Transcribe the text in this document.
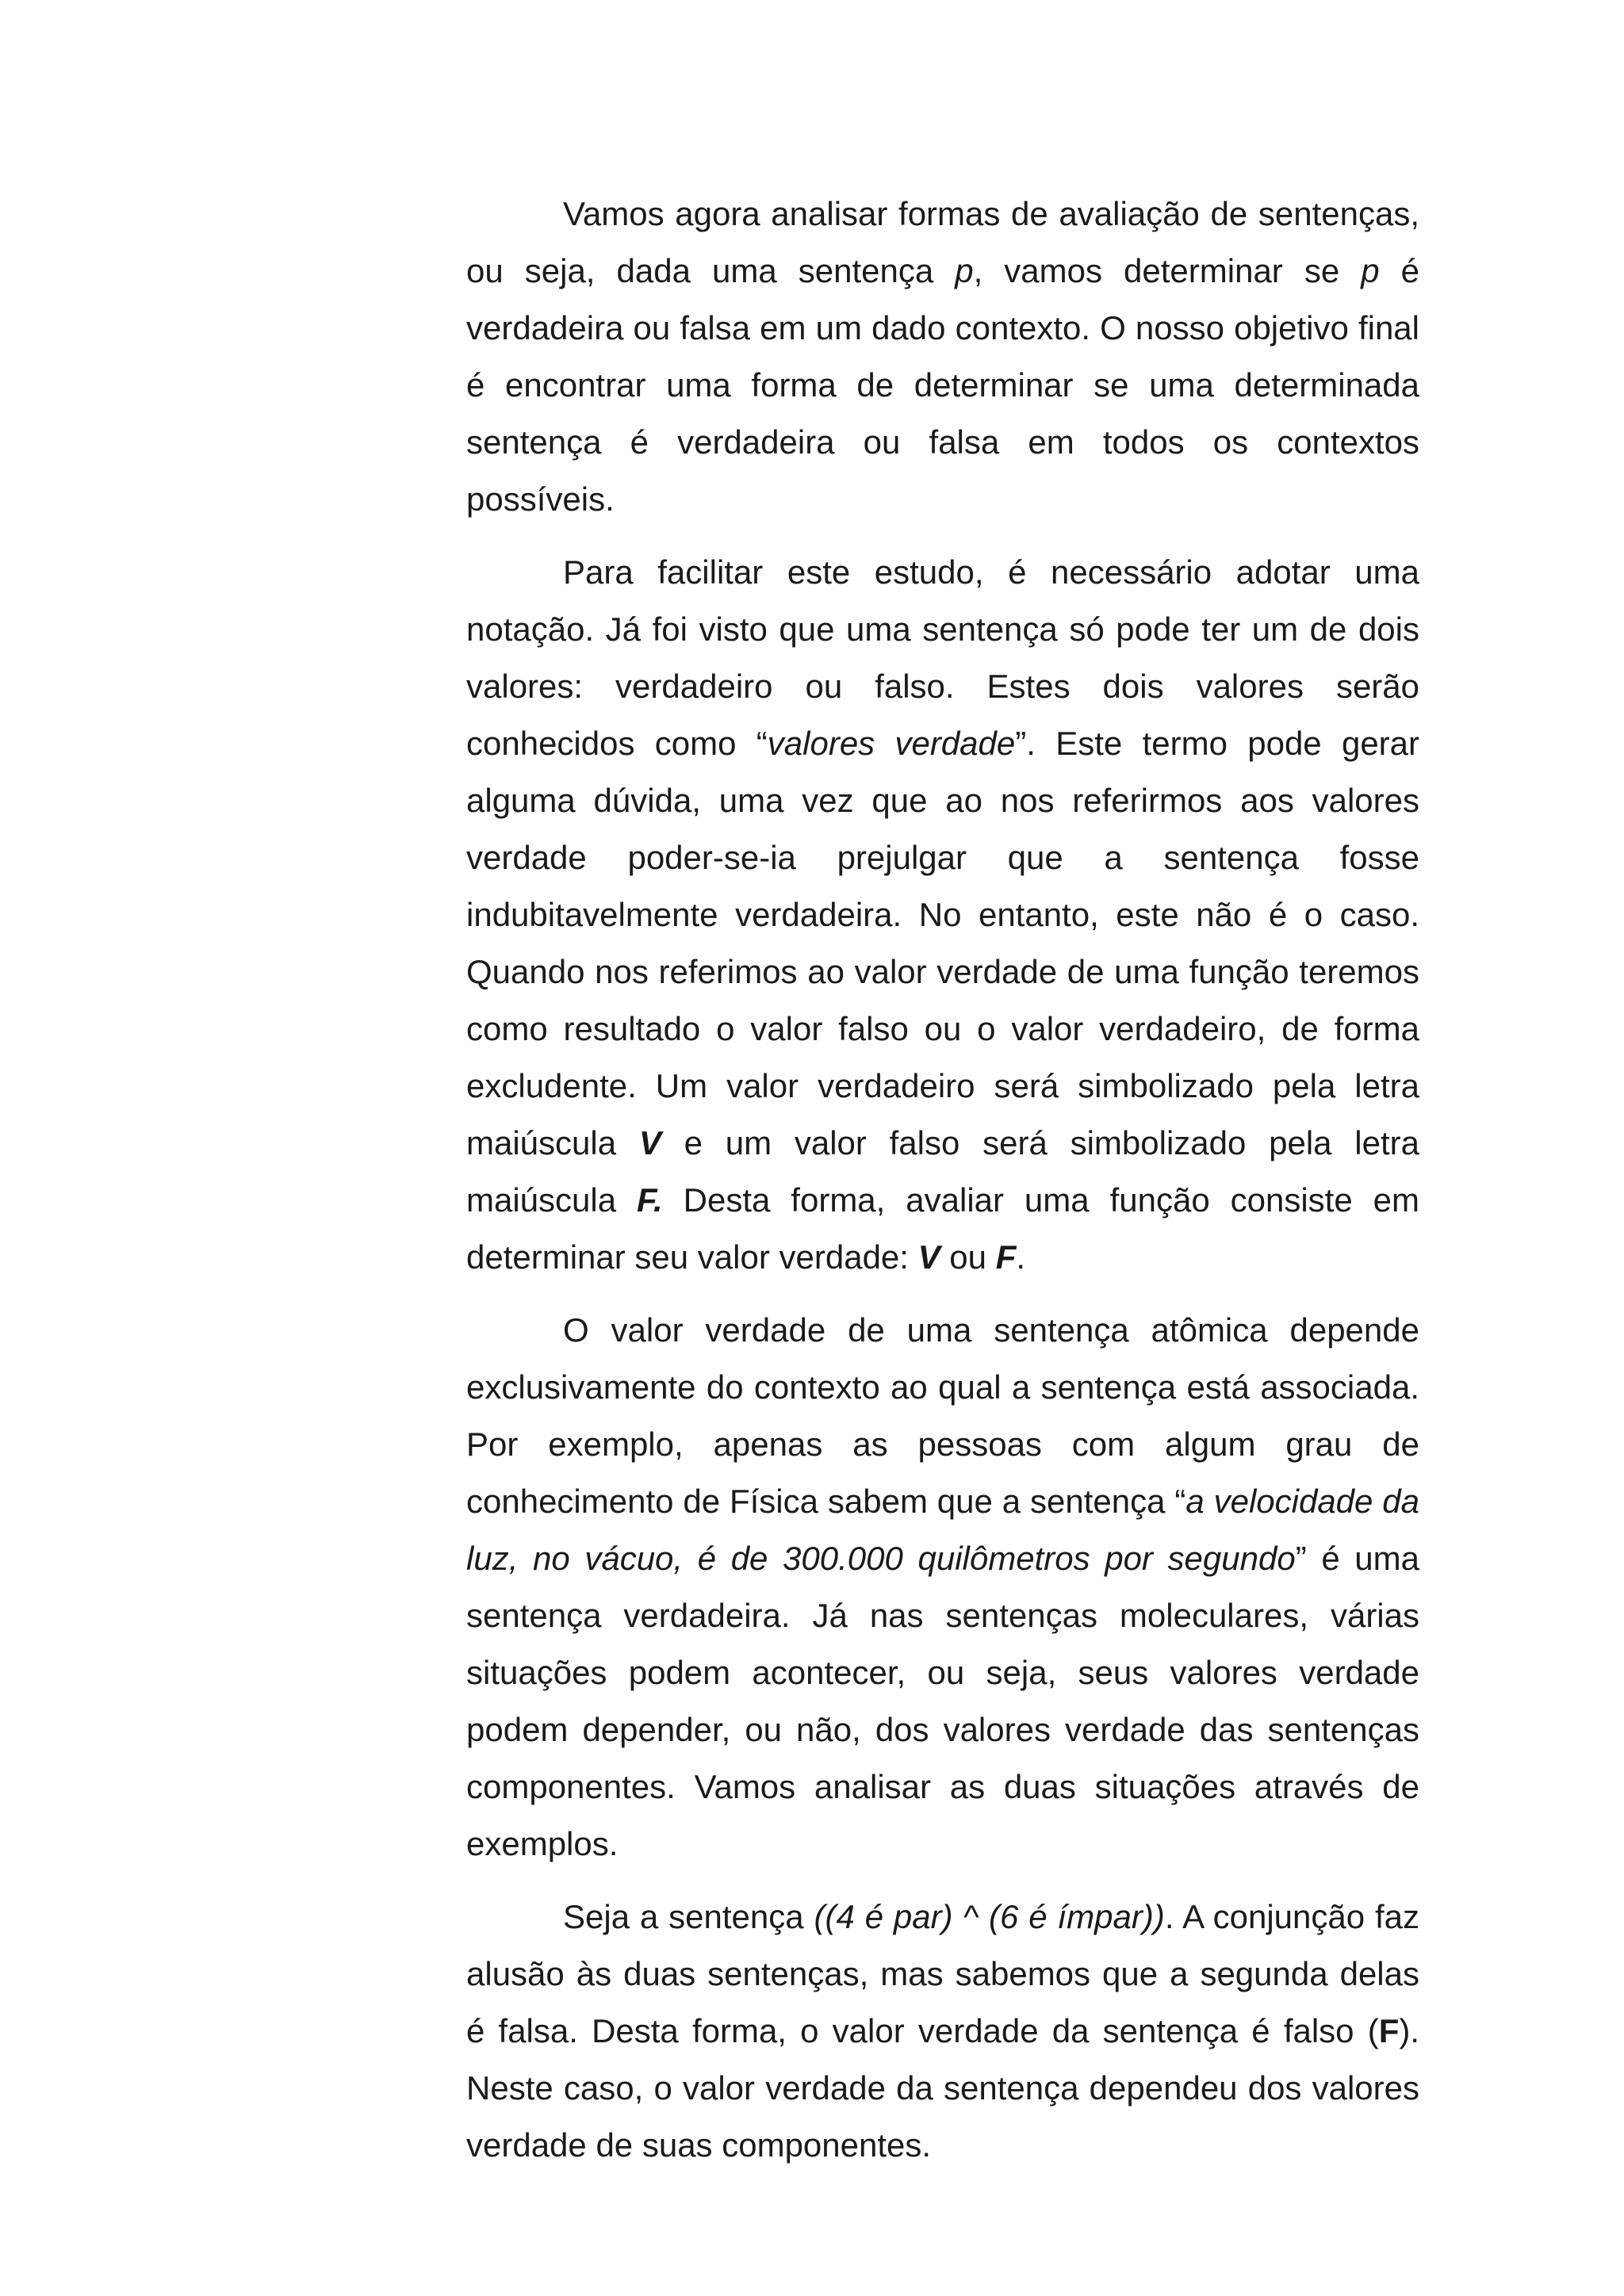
Vamos agora analisar formas de avaliação de sentenças, ou seja, dada uma sentença p, vamos determinar se p é verdadeira ou falsa em um dado contexto. O nosso objetivo final é encontrar uma forma de determinar se uma determinada sentença é verdadeira ou falsa em todos os contextos possíveis.

Para facilitar este estudo, é necessário adotar uma notação. Já foi visto que uma sentença só pode ter um de dois valores: verdadeiro ou falso. Estes dois valores serão conhecidos como “valores verdade”. Este termo pode gerar alguma dúvida, uma vez que ao nos referirmos aos valores verdade poder-se-ia prejulgar que a sentença fosse indubitavelmente verdadeira. No entanto, este não é o caso. Quando nos referimos ao valor verdade de uma função teremos como resultado o valor falso ou o valor verdadeiro, de forma excludente. Um valor verdadeiro será simbolizado pela letra maiúscula V e um valor falso será simbolizado pela letra maiúscula F. Desta forma, avaliar uma função consiste em determinar seu valor verdade: V ou F.

O valor verdade de uma sentença atômica depende exclusivamente do contexto ao qual a sentença está associada. Por exemplo, apenas as pessoas com algum grau de conhecimento de Física sabem que a sentença “a velocidade da luz, no vácuo, é de 300.000 quilômetros por segundo” é uma sentença verdadeira. Já nas sentenças moleculares, várias situações podem acontecer, ou seja, seus valores verdade podem depender, ou não, dos valores verdade das sentenças componentes. Vamos analisar as duas situações através de exemplos.

Seja a sentença ((4 é par) ^ (6 é ímpar)). A conjunção faz alusão às duas sentenças, mas sabemos que a segunda delas é falsa. Desta forma, o valor verdade da sentença é falso (F). Neste caso, o valor verdade da sentença dependeu dos valores verdade de suas componentes.
